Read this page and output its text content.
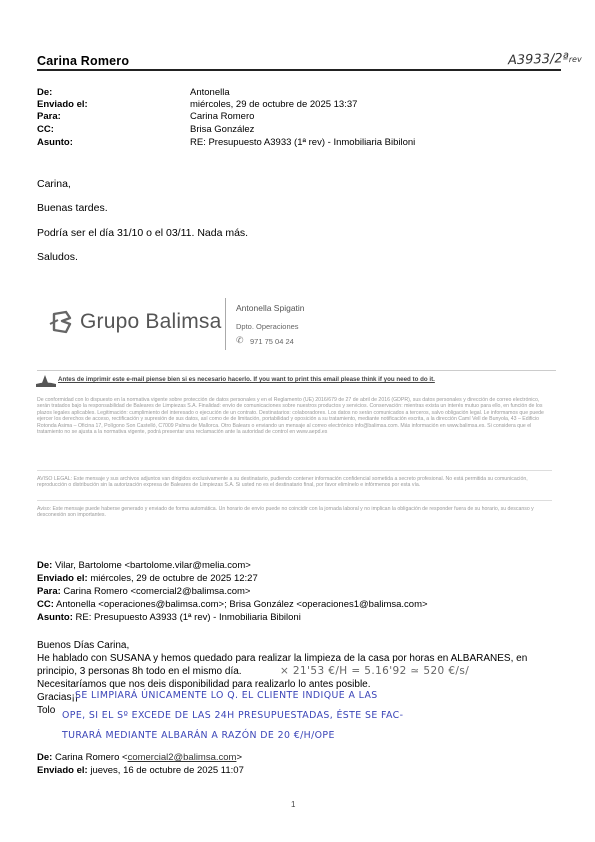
Carina Romero	A3933/2ªrev
De:	Antonella
Enviado el:	miércoles, 29 de octubre de 2025 13:37
Para:	Carina Romero
CC:	Brisa González
Asunto:	RE: Presupuesto A3933 (1ª rev) - Inmobiliaria Bibiloni
Carina,
Buenas tardes.
Podría ser el día 31/10 o el 03/11. Nada más.
Saludos.
Grupo Balimsa
Antonella Spigatin
Dpto. Operaciones
✆ 971 75 04 24
Antes de imprimir este e-mail piense bien si es necesario hacerlo. If you want to print this email please think if you need to do it.
De conformidad con lo dispuesto en la normativa vigente sobre protección de datos personales y en el Reglamento (UE) 2016/679 de 27 de abril de 2016 (GDPR), sus datos personales y dirección de correo electrónico, serán tratados bajo la responsabilidad de Baleares de Limpiezas S.A. Finalidad: envío de comunicaciones sobre nuestros productos y servicios. Conservación: mientras exista un interés mutuo para ello, en función de los plazos legales aplicables. Legitimación: cumplimiento del interesado o ejecución de un contrato. Destinatarios: colaboradores. Los datos no serán comunicados a terceros, salvo obligación legal. Le informamos que puede ejercer los derechos de acceso, rectificación y supresión de sus datos, así como de de limitación, portabilidad y oposición a su tratamiento, mediante notificación escrita, a la dirección Camí Vell de Bunyola, 43 – Edificio Rotonda Asima – Oficina 17, Polígono Son Castelló, C7009 Palma de Mallorca. Otro Balears o enviando un mensaje al correo electrónico info@balimsa.com. Más información en www.balimsa.es. Si considera que el tratamiento no se ajusta a la normativa vigente, podrá presentar una reclamación ante la autoridad de control en www.aepd.es
AVISO LEGAL: Este mensaje y sus archivos adjuntos van dirigidos exclusivamente a su destinatario, pudiendo contener información confidencial sometida a secreto profesional. No está permitida su comunicación, reproducción o distribución sin la autorización expresa de Baleares de Limpiezas S.A. Si usted no es el destinatario final, por favor elimínelo e infórmenos por esta vía.
Aviso: Este mensaje puede haberse generado y enviado de forma automática. Un horario de envío puede no coincidir con la jornada laboral y no implican la obligación de responder fuera de su horario, su descanso y desconexión son importantes.
De: Vilar, Bartolome <bartolome.vilar@melia.com>
Enviado el: miércoles, 29 de octubre de 2025 12:27
Para: Carina Romero <comercial2@balimsa.com>
CC: Antonella <operaciones@balimsa.com>; Brisa González <operaciones1@balimsa.com>
Asunto: RE: Presupuesto A3933 (1ª rev) - Inmobiliaria Bibiloni
Buenos Días Carina,
He hablado con SUSANA y hemos quedado para realizar la limpieza de la casa por horas en ALBARANES, en
principio, 3 personas 8h todo en el mismo día.
Necesitaríamos que nos deis disponibilidad para realizarlo lo antes posible.
Gracias¡¡
Tolo
× 21'53 €/H = 5.16'92 ≃ 520 €/s/
SE LIMPIARÁ ÚNICAMENTE LO Q. EL CLIENTE INDIQUE A LAS
OPE, SI EL Sº EXCEDE DE LAS 24H PRESUPUESTADAS, ÉSTE SE FAC-
TURARÁ MEDIANTE ALBARÁN A RAZÓN DE 20 €/H/OPE
De: Carina Romero <comercial2@balimsa.com>
Enviado el: jueves, 16 de octubre de 2025 11:07
1
